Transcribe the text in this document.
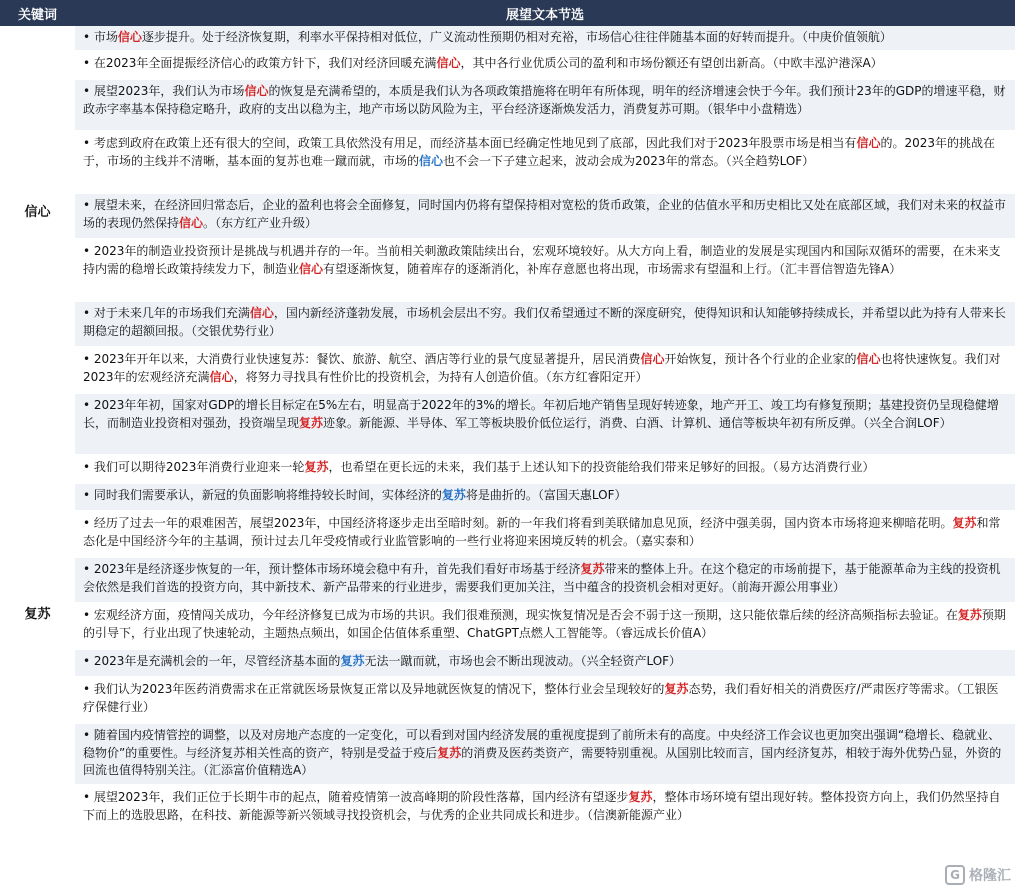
关键词	展望文本节选
信心
• 市场信心逐步提升。处于经济恢复期，利率水平保持相对低位，广义流动性预期仍相对充裕，市场信心往往伴随基本面的好转而提升。（中庚价值领航）
• 在2023年全面提振经济信心的政策方针下，我们对经济回暖充满信心，其中各行业优质公司的盈利和市场份额还有望创出新高。（中欧丰泓沪港深A）
• 展望2023年，我们认为市场信心的恢复是充满希望的，本质是我们认为各项政策措施将在明年有所体现，明年的经济增速会快于今年。我们预计23年的GDP的增速平稳，财政赤字率基本保持稳定略升，政府的支出以稳为主，地产市场以防风险为主，平台经济逐渐焕发活力，消费复苏可期。（银华中小盘精选）
• 考虑到政府在政策上还有很大的空间，政策工具依然没有用足，而经济基本面已经确定性地见到了底部，因此我们对于2023年股票市场是相当有信心的。2023年的挑战在于，市场的主线并不清晰，基本面的复苏也难一蹴而就，市场的信心也不会一下子建立起来，波动会成为2023年的常态。（兴全趋势LOF）
• 展望未来，在经济回归常态后，企业的盈利也将会全面修复，同时国内仍将有望保持相对宽松的货币政策，企业的估值水平和历史相比又处在底部区域，我们对未来的权益市场的表现仍然保持信心。（东方红产业升级）
• 2023年的制造业投资预计是挑战与机遇并存的一年。当前相关刺激政策陆续出台，宏观环境较好。从大方向上看，制造业的发展是实现国内和国际双循环的需要，在未来支持内需的稳增长政策持续发力下，制造业信心有望逐渐恢复，随着库存的逐渐消化，补库存意愿也将出现，市场需求有望温和上行。（汇丰晋信智造先锋A）
• 对于未来几年的市场我们充满信心，国内新经济蓬勃发展，市场机会层出不穷。我们仅希望通过不断的深度研究，使得知识和认知能够持续成长，并希望以此为持有人带来长期稳定的超额回报。（交银优势行业）
• 2023年开年以来，大消费行业快速复苏：餐饮、旅游、航空、酒店等行业的景气度显著提升，居民消费信心开始恢复，预计各个行业的企业家的信心也将快速恢复。我们对2023年的宏观经济充满信心，将努力寻找具有性价比的投资机会，为持有人创造价值。（东方红睿阳定开）
复苏
• 2023年年初，国家对GDP的增长目标定在5%左右，明显高于2022年的3%的增长。年初后地产销售呈现好转迹象，地产开工、竣工均有修复预期；基建投资仍呈现稳健增长，而制造业投资相对强劲，投资端呈现复苏迹象。新能源、半导体、军工等板块股价低位运行，消费、白酒、计算机、通信等板块年初有所反弹。（兴全合润LOF）
• 我们可以期待2023年消费行业迎来一轮复苏，也希望在更长远的未来，我们基于上述认知下的投资能给我们带来足够好的回报。（易方达消费行业）
• 同时我们需要承认，新冠的负面影响将维持较长时间，实体经济的复苏将是曲折的。（富国天惠LOF）
• 经历了过去一年的艰难困苦，展望2023年，中国经济将逐步走出至暗时刻。新的一年我们将看到美联储加息见顶，经济中强美弱，国内资本市场将迎来柳暗花明。复苏和常态化是中国经济今年的主基调，预计过去几年受疫情或行业监管影响的一些行业将迎来困境反转的机会。（嘉实泰和）
• 2023年是经济逐步恢复的一年，预计整体市场环境会稳中有升，首先我们看好市场基于经济复苏带来的整体上升。在这个稳定的市场前提下，基于能源革命为主线的投资机会依然是我们首选的投资方向，其中新技术、新产品带来的行业进步，需要我们更加关注，当中蕴含的投资机会相对更好。（前海开源公用事业）
• 宏观经济方面，疫情闯关成功，今年经济修复已成为市场的共识。我们很难预测，现实恢复情况是否会不弱于这一预期，这只能依靠后续的经济高频指标去验证。在复苏预期的引导下，行业出现了快速轮动，主题热点频出，如国企估值体系重塑、ChatGPT点燃人工智能等。（睿远成长价值A）
• 2023年是充满机会的一年，尽管经济基本面的复苏无法一蹴而就，市场也会不断出现波动。（兴全轻资产LOF）
• 我们认为2023年医药消费需求在正常就医场景恢复正常以及异地就医恢复的情况下，整体行业会呈现较好的复苏态势，我们看好相关的消费医疗/严肃医疗等需求。（工银医疗保健行业）
• 随着国内疫情管控的调整，以及对房地产态度的一定变化，可以看到对国内经济发展的重视度提到了前所未有的高度。中央经济工作会议也更加突出强调“稳增长、稳就业、稳物价”的重要性。与经济复苏相关性高的资产，特别是受益于疫后复苏的消费及医药类资产，需要特别重视。从国别比较而言，国内经济复苏，相较于海外优势凸显，外资的回流也值得特别关注。（汇添富价值精选A）
• 展望2023年，我们正位于长期牛市的起点，随着疫情第一波高峰期的阶段性落幕，国内经济有望逐步复苏，整体市场环境有望出现好转。整体投资方向上，我们仍然坚持自下而上的选股思路，在科技、新能源等新兴领域寻找投资机会，与优秀的企业共同成长和进步。（信澳新能源产业）
G 格隆汇
